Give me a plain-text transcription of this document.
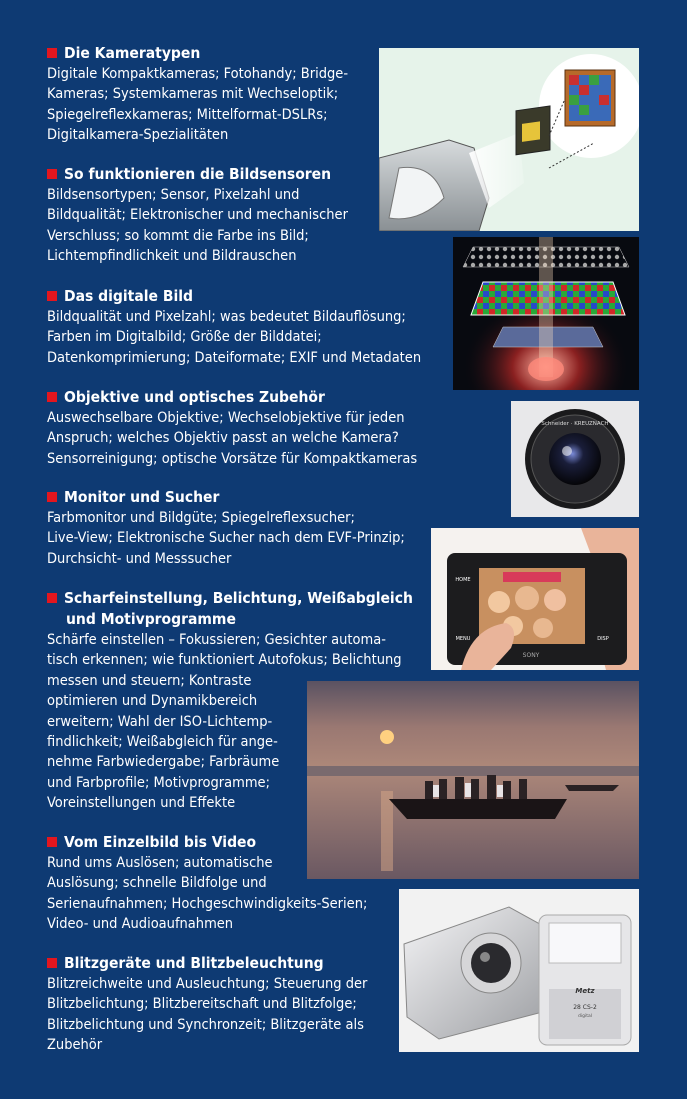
Die Kameratypen
Digitale Kompaktkameras; Fotohandy; Bridge-
Kameras; Systemkameras mit Wechseloptik;
Spiegelreflexkameras; Mittelformat-DSLRs;
Digitalkamera-Spezialitäten
So funktionieren die Bildsensoren
Bildsensortypen; Sensor, Pixelzahl und
Bildqualität; Elektronischer und mechanischer
Verschluss; so kommt die Farbe ins Bild;
Lichtempfindlichkeit und Bildrauschen
Das digitale Bild
Bildqualität und Pixelzahl; was bedeutet Bildauflösung;
Farben im Digitalbild; Größe der Bilddatei;
Datenkomprimierung; Dateiformate; EXIF und Metadaten
Objektive und optisches Zubehör
Auswechselbare Objektive; Wechselobjektive für jeden
Anspruch; welches Objektiv passt an welche Kamera?
Sensorreinigung; optische Vorsätze für Kompaktkameras
Monitor und Sucher
Farbmonitor und Bildgüte; Spiegelreflexsucher;
Live-View; Elektronische Sucher nach dem EVF-Prinzip;
Durchsicht- und Messsucher
Scharfeinstellung, Belichtung, Weißabgleich
und Motivprogramme
Schärfe einstellen – Fokussieren; Gesichter automa-
tisch erkennen; wie funktioniert Autofokus; Belichtung
messen und steuern; Kontraste
optimieren und Dynamikbereich
erweitern; Wahl der ISO-Lichtemp-
findlichkeit; Weißabgleich für ange-
nehme Farbwiedergabe; Farbräume
und Farbprofile; Motivprogramme;
Voreinstellungen und Effekte
Vom Einzelbild bis Video
Rund ums Auslösen; automatische
Auslösung; schnelle Bildfolge und
Serienaufnahmen; Hochgeschwindigkeits-Serien;
Video- und Audioaufnahmen
Blitzgeräte und Blitzbeleuchtung
Blitzreichweite und Ausleuchtung; Steuerung der
Blitzbelichtung; Blitzbereitschaft und Blitzfolge;
Blitzbelichtung und Synchronzeit; Blitzgeräte als
Zubehör
Schneider · KREUZNACH
HOME
MENU	DISP
SONY
Metz
28 CS-2
digital
